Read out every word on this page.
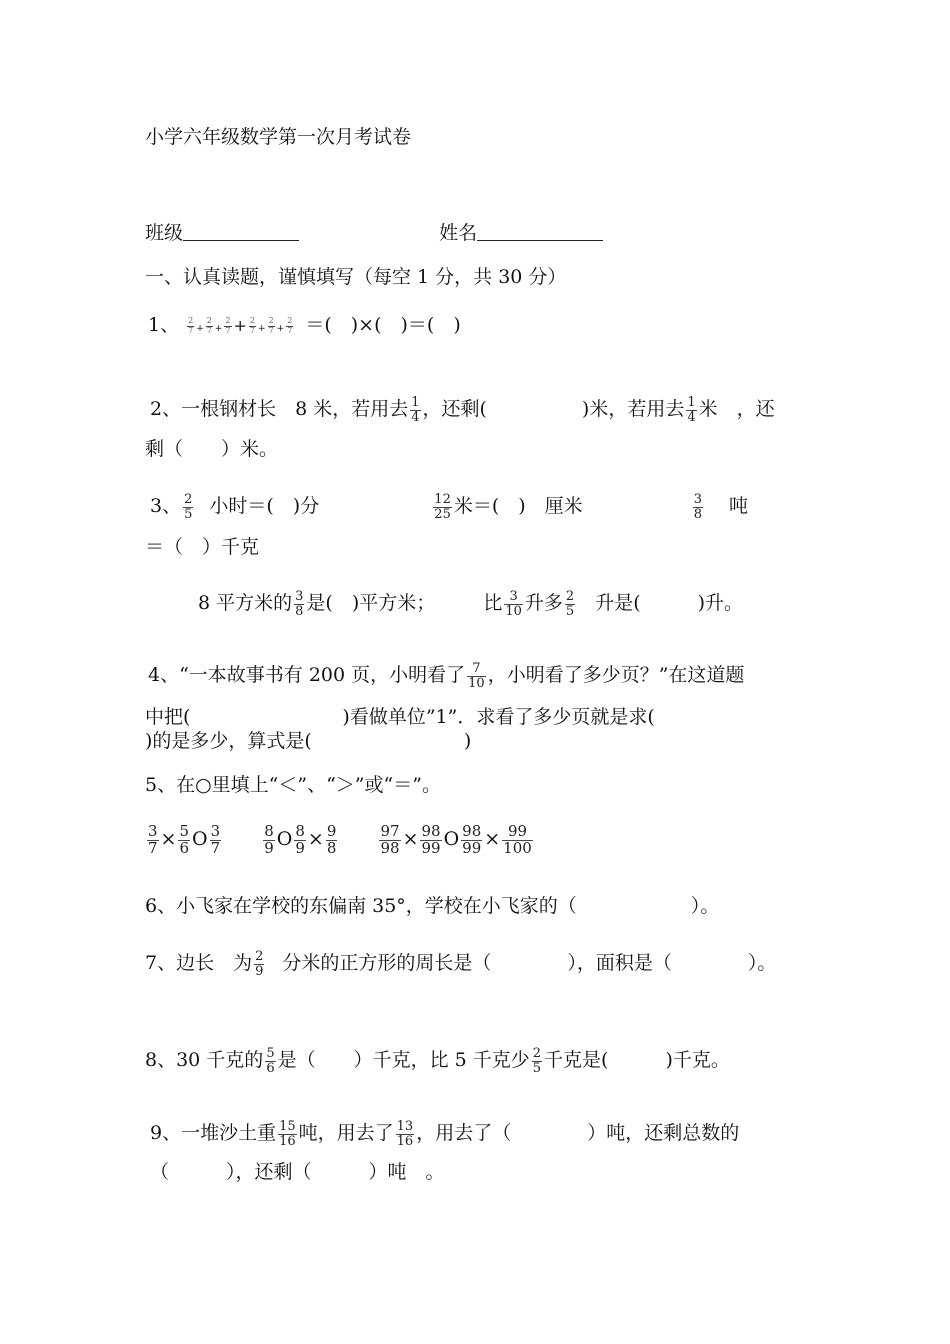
小学六年级数学第一次月考试卷
班级	姓名
一、认真读题，谨慎填写（每空 1 分，共 30 分）
1、 $\frac{2}{7} + \frac{2}{7} + \frac{2}{7} + \frac{2}{7} + \frac{2}{7} + \frac{2}{7}$ ＝(　)×(　)＝(　)
2、一根钢材长　8 米，若用去 $\frac{1}{4}$ ，还剩(　　　　　)米，若用去 $\frac{1}{4}$ 米　，还
剩（　　）米。
3、 $\frac{2}{5}$ 小时＝(　)分	$\frac{12}{25}$ 米＝(　)　厘米	$\frac{3}{8}$ 吨
＝（　）千克
8 平方米的 $\frac{3}{8}$ 是(　)平方米；	比 $\frac{3}{10}$ 升多 $\frac{2}{5}$ 升是(　　　)升。
4、“一本故事书有 200 页，小明看了 $\frac{7}{10}$ ，小明看了多少页？”在这道题
中把(　　　　　　　　)看做单位”1”．求看了多少页就是求(
)的是多少，算式是(　　　　　　　　)
5、在○里填上“＜”、“＞”或“＝”。
$\frac{3}{7} \times \frac{5}{6}$ O $\frac{3}{7}$
	$\frac{8}{9}$ O $\frac{8}{9} \times \frac{9}{8}$
	$\frac{97}{98} \times \frac{98}{99}$ O $\frac{98}{99} \times \frac{99}{100}$
6、小飞家在学校的东偏南 35°，学校在小飞家的（　　　　　　）。
7、边长　为 $\frac{2}{9}$ 分米的正方形的周长是（　　　　），面积是（　　　　）。
8、30 千克的 $\frac{5}{6}$ 是（　　）千克，比 5 千克少 $\frac{2}{5}$ 千克是(　　　)千克。
9、一堆沙土重 $\frac{15}{16}$ 吨，用去了 $\frac{13}{16}$ ，用去了（　　　　）吨，还剩总数的
（　　　），还剩（　　　）吨　。
